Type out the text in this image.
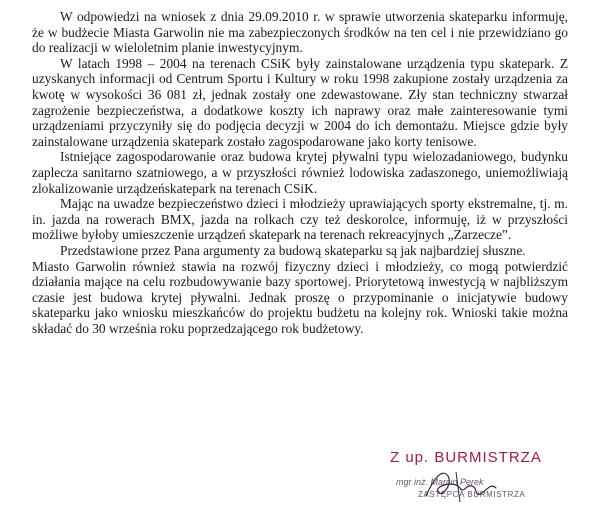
W odpowiedzi na wniosek z dnia 29.09.2010 r. w sprawie utworzenia skateparku informuję, że w budżecie Miasta Garwolin nie ma zabezpieczonych środków na ten cel i nie przewidziano go do realizacji w wieloletnim planie inwestycyjnym.

W latach 1998 – 2004 na terenach CSiK były zainstalowane urządzenia typu skatepark. Z uzyskanych informacji od Centrum Sportu i Kultury w roku 1998 zakupione zostały urządzenia za kwotę w wysokości 36 081 zł, jednak zostały one zdewastowane. Zły stan techniczny stwarzał zagrożenie bezpieczeństwa, a dodatkowe koszty ich naprawy oraz małe zainteresowanie tymi urządzeniami przyczyniły się do podjęcia decyzji w 2004 do ich demontażu. Miejsce gdzie były zainstalowane urządzenia skatepark zostało zagospodarowane jako korty tenisowe.

Istniejące zagospodarowanie oraz budowa krytej pływalni typu wielozadaniowego, budynku zaplecza sanitarno szatniowego, a w przyszłości również lodowiska zadaszonego, uniemożliwiają zlokalizowanie urządzeńskatepark na terenach CSiK.

Mając na uwadze bezpieczeństwo dzieci i młodzieży uprawiających sporty ekstremalne, tj. m. in. jazda na rowerach BMX, jazda na rolkach czy też deskorolce, informuję, iż w przyszłości możliwe byłoby umieszczenie urządzeń skatepark na terenach rekreacyjnych „Zarzecze”.

Przedstawione przez Pana argumenty za budową skateparku są jak najbardziej słuszne.

Miasto Garwolin również stawia na rozwój fizyczny dzieci i młodzieży, co mogą potwierdzić działania mające na celu rozbudowywanie bazy sportowej. Priorytetową inwestycją w najbliższym czasie jest budowa krytej pływalni. Jednak proszę o przypominanie o inicjatywie budowy skateparku jako wniosku mieszkańców do projektu budżetu na kolejny rok. Wnioski takie można składać do 30 września roku poprzedzającego rok budżetowy.

Z up. BURMISTRZA
mgr inż. Marcin Perek
ZASTĘPCA BURMISTRZA
